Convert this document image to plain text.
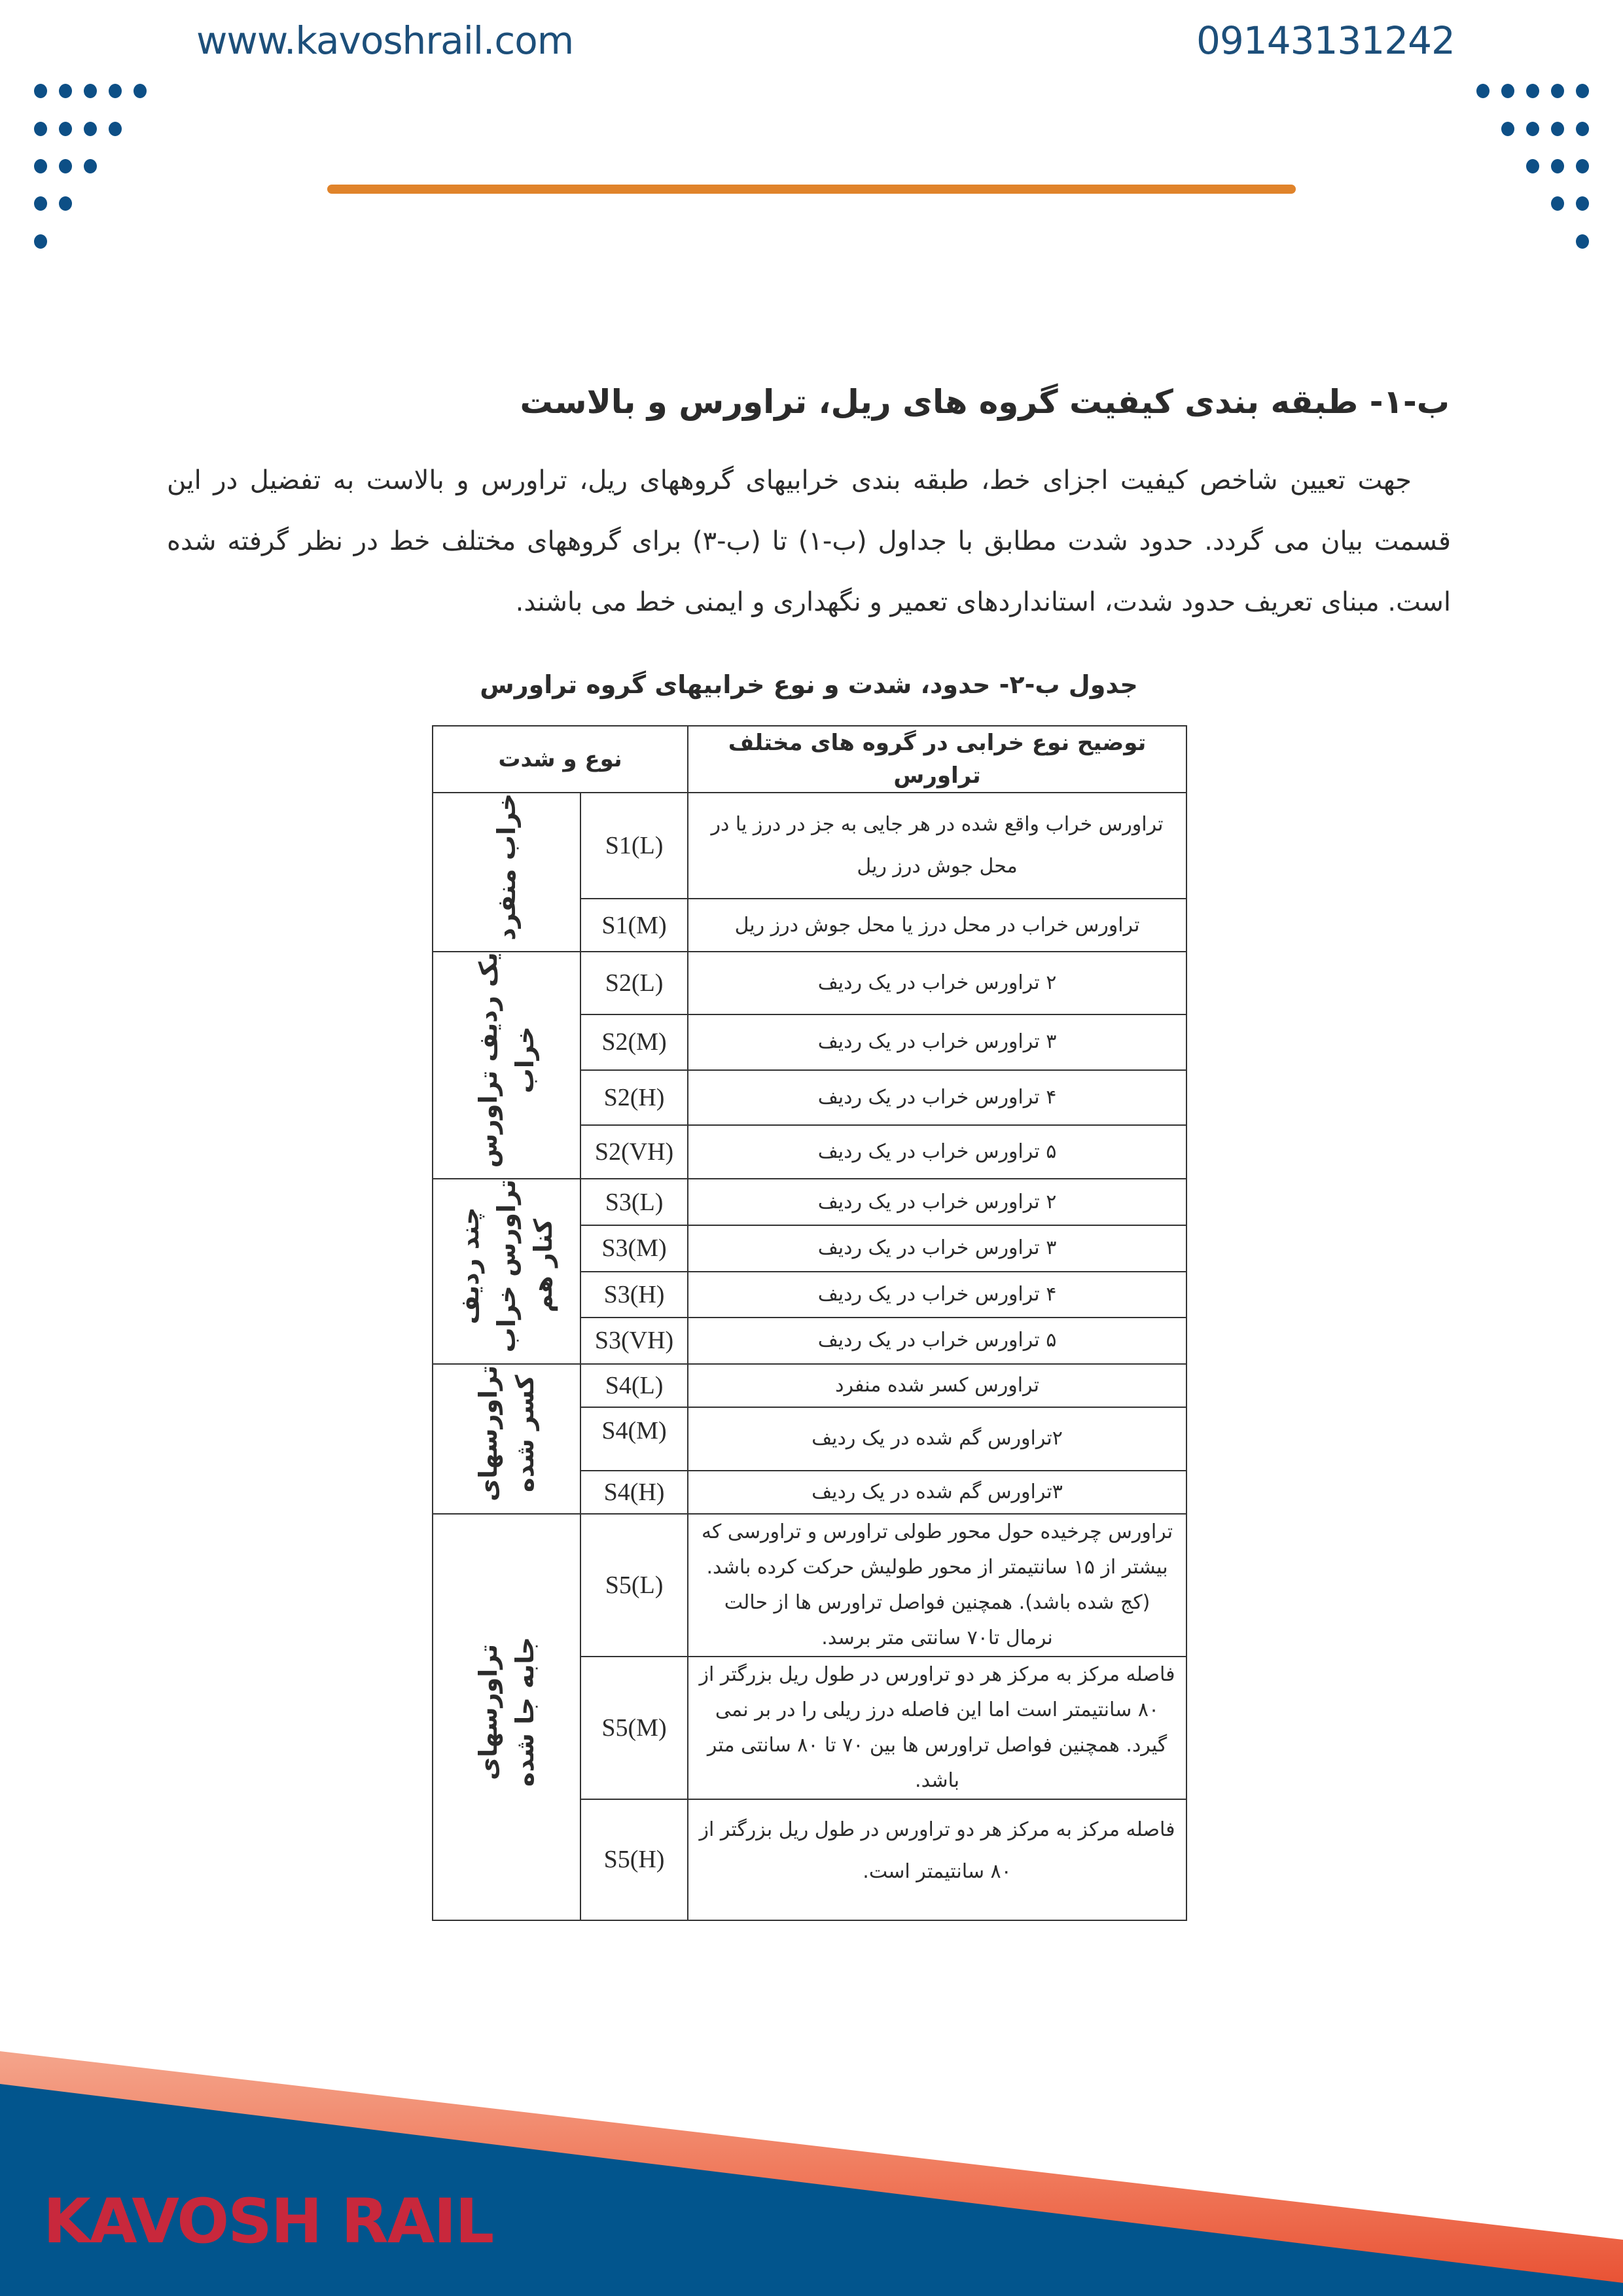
www.kavoshrail.com	09143131242
ب-۱- طبقه بندی کیفیت گروه های ریل، تراورس و بالاست
جهت تعیین شاخص کیفیت اجزای خط، طبقه بندی خرابیهای گروههای ریل، تراورس و بالاست به تفضیل در این قسمت بیان می گردد. حدود شدت مطابق با جداول (ب-۱) تا (ب-۳) برای گروههای مختلف خط در نظر گرفته شده است. مبنای تعریف حدود شدت، استانداردهای تعمیر و نگهداری و ایمنی خط می باشند.
جدول ب-۲- حدود، شدت و نوع خرابیهای گروه تراورس
توضیح نوع خرابی در گروه های مختلف تراورس	نوع و شدت	
تراورس خراب واقع شده در هر جایی به جز در درز یا در محل جوش درز ریل	S1(L)	خراب منفرد
تراورس خراب در محل درز یا محل جوش درز ریل	S1(M)	
۲ تراورس خراب در یک ردیف	S2(L)	یک ردیف تراورس
خراب
۳ تراورس خراب در یک ردیف	S2(M)	
۴ تراورس خراب در یک ردیف	S2(H)	
۵ تراورس خراب در یک ردیف	S2(VH)	
۲ تراورس خراب در یک ردیف	S3(L)	چند ردیف
تراورس خراب
کنار هم
۳ تراورس خراب در یک ردیف	S3(M)	
۴ تراورس خراب در یک ردیف	S3(H)	
۵ تراورس خراب در یک ردیف	S3(VH)	
تراورس کسر شده منفرد	S4(L)	تراورسهای
کسر شده
۲تراورس گم شده در یک ردیف	S4(M)	
۳تراورس گم شده در یک ردیف	S4(H)	
تراورس چرخیده حول محور طولی تراورس و تراورسی که بیشتر از ۱۵ سانتیمتر از محور طولیش حرکت کرده باشد. (کج شده باشد). همچنین فواصل تراورس ها از حالت نرمال تا۷۰ سانتی متر برسد.	S5(L)	تراورسهای
جابه جا شده
فاصله مرکز به مرکز هر دو تراورس در طول ریل بزرگتر از ۸۰ سانتیمتر است اما این فاصله درز ریلی را در بر نمی گیرد. همچنین فواصل تراورس ها بین ۷۰ تا ۸۰ سانتی متر باشد.	S5(M)	
فاصله مرکز به مرکز هر دو تراورس در طول ریل بزرگتر از ۸۰ سانتیمتر است.	S5(H)	
KAVOSH RAIL
